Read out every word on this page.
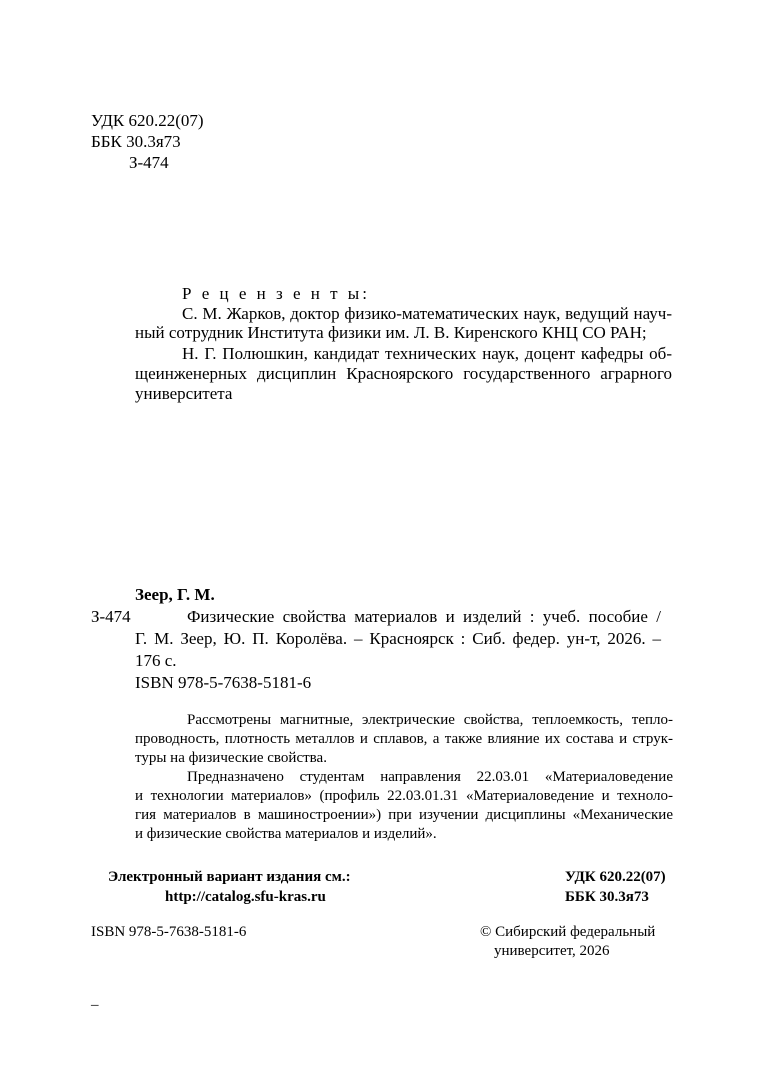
УДК 620.22(07)
ББК 30.3я73
З-474
Р е ц е н з е н т ы:
С. М. Жарков, доктор физико-математических наук, ведущий науч-
ный сотрудник Института физики им. Л. В. Киренского КНЦ СО РАН;
Н. Г. Полюшкин, кандидат технических наук, доцент кафедры об-
щеинженерных дисциплин Красноярского государственного аграрного
университета
Зеер, Г. М.
З-474	Физические свойства материалов и изделий : учеб. пособие /
Г. М. Зеер, Ю. П. Королёва. – Красноярск : Сиб. федер. ун-т, 2026. –
176 с.
ISBN 978-5-7638-5181-6
Рассмотрены магнитные, электрические свойства, теплоемкость, тепло-
проводность, плотность металлов и сплавов, а также влияние их состава и струк-
туры на физические свойства.
Предназначено студентам направления 22.03.01 «Материаловедение
и технологии материалов» (профиль 22.03.01.31 «Материаловедение и техноло-
гия материалов в машиностроении») при изучении дисциплины «Механические
и физические свойства материалов и изделий».
Электронный вариант издания см.:
http://catalog.sfu-kras.ru
УДК 620.22(07)
ББК 30.3я73
ISBN 978-5-7638-5181-6	© Сибирский федеральный
университет, 2026
–
